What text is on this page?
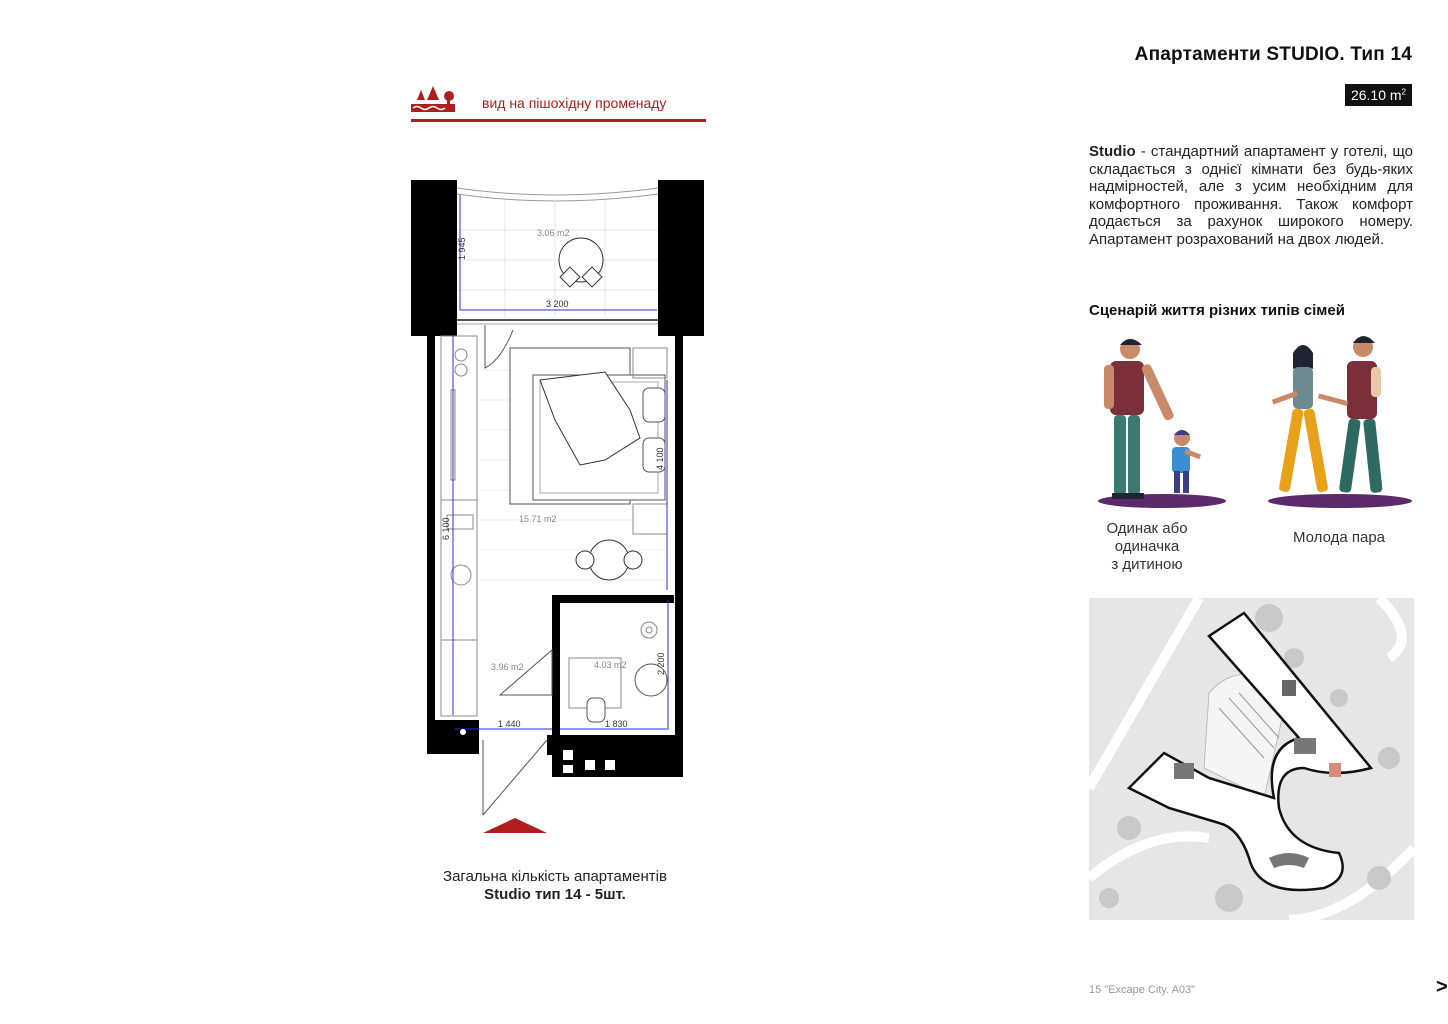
Апартаменти STUDIO. Тип 14
26.10 $m^2$
вид на пішохідну променаду
3.06 m2
3 200
1 945
4 100
15.71 m2
6 100
4.03 m2	2 200
3.96 m2
1 440	1 830
Загальна кількість апартаментів
Studio тип 14 - 5шт.
Studio - стандартний апартамент у готелі, що складається з однієї кімнати без будь-яких надмірностей, але з усим необхідним для комфортного проживання. Також комфорт додається за рахунок широкого номеру. Апартамент розрахований на двох людей.
Сценарій життя різних типів сімей
Одинак або
одиначка
з дитиною
Молода пара
15 "Excape City. A03"	>
